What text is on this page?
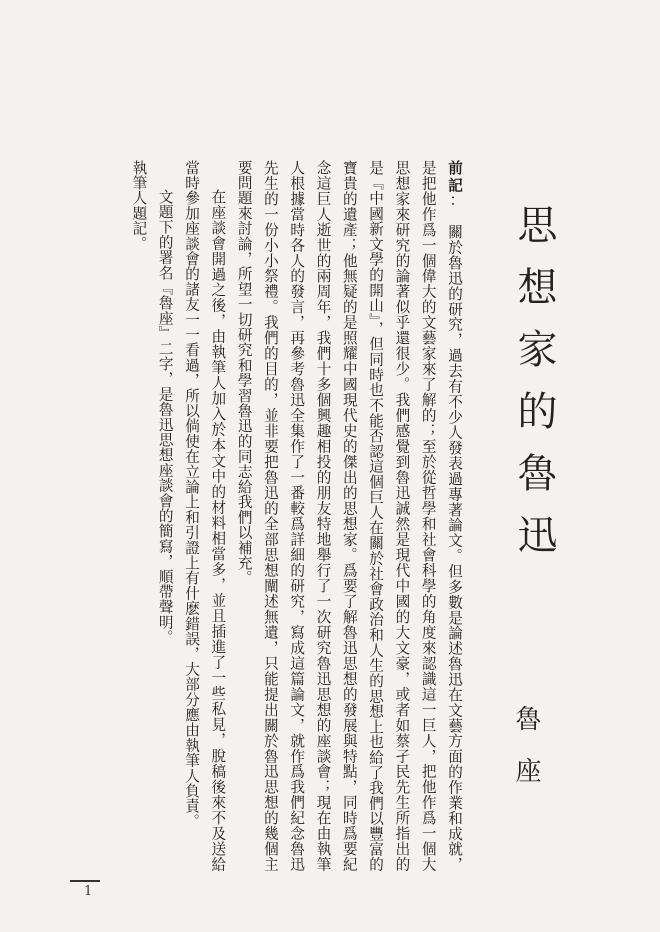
思想家的魯迅
魯座

前記..　關於魯迅的研究，過去有不少人發表過專著論文。但多數是論述魯迅在文藝方面的作業和成就，是把他作爲一個偉大的文藝家來了解的；至於從哲學和社會科學的角度來認識這一巨人，把他作爲一個大思想家來研究的論著似乎還很少。我們感覺到魯迅誠然是現代中國的大文豪，或者如蔡孑民先生所指出的是『中國新文學的開山』，但同時也不能否認這個巨人在關於社會政治和人生的思想上也給了我們以豐富的寶貴的遺產；他無疑的是照耀中國現代史的傑出的思想家。爲要了解魯迅思想的發展與特點，同時爲要紀念這巨人逝世的兩周年，我們十多個興趣相投的朋友特地舉行了一次研究魯迅思想的座談會；現在由執筆人根據當時各人的發言，再參考魯迅全集作了一番較爲詳細的研究，寫成這篇論文，就作爲我們紀念魯迅先生的一份小小祭禮。我們的目的，並非要把魯迅的全部思想闡述無遺，只能提出關於魯迅思想的幾個主要問題來討論，所望一切研究和學習魯迅的同志給我們以補充。

在座談會開過之後，由執筆人加入於本文中的材料相當多，並且插進了一些私見，脫稿後來不及送給當時參加座談會的諸友一一看過，所以倘使在立論上和引證上有什麽錯誤，大部分應由執筆人負責。

文題下的署名『魯座』二字，是魯迅思想座談會的簡寫，順帶聲明。

執筆人題記。

1
